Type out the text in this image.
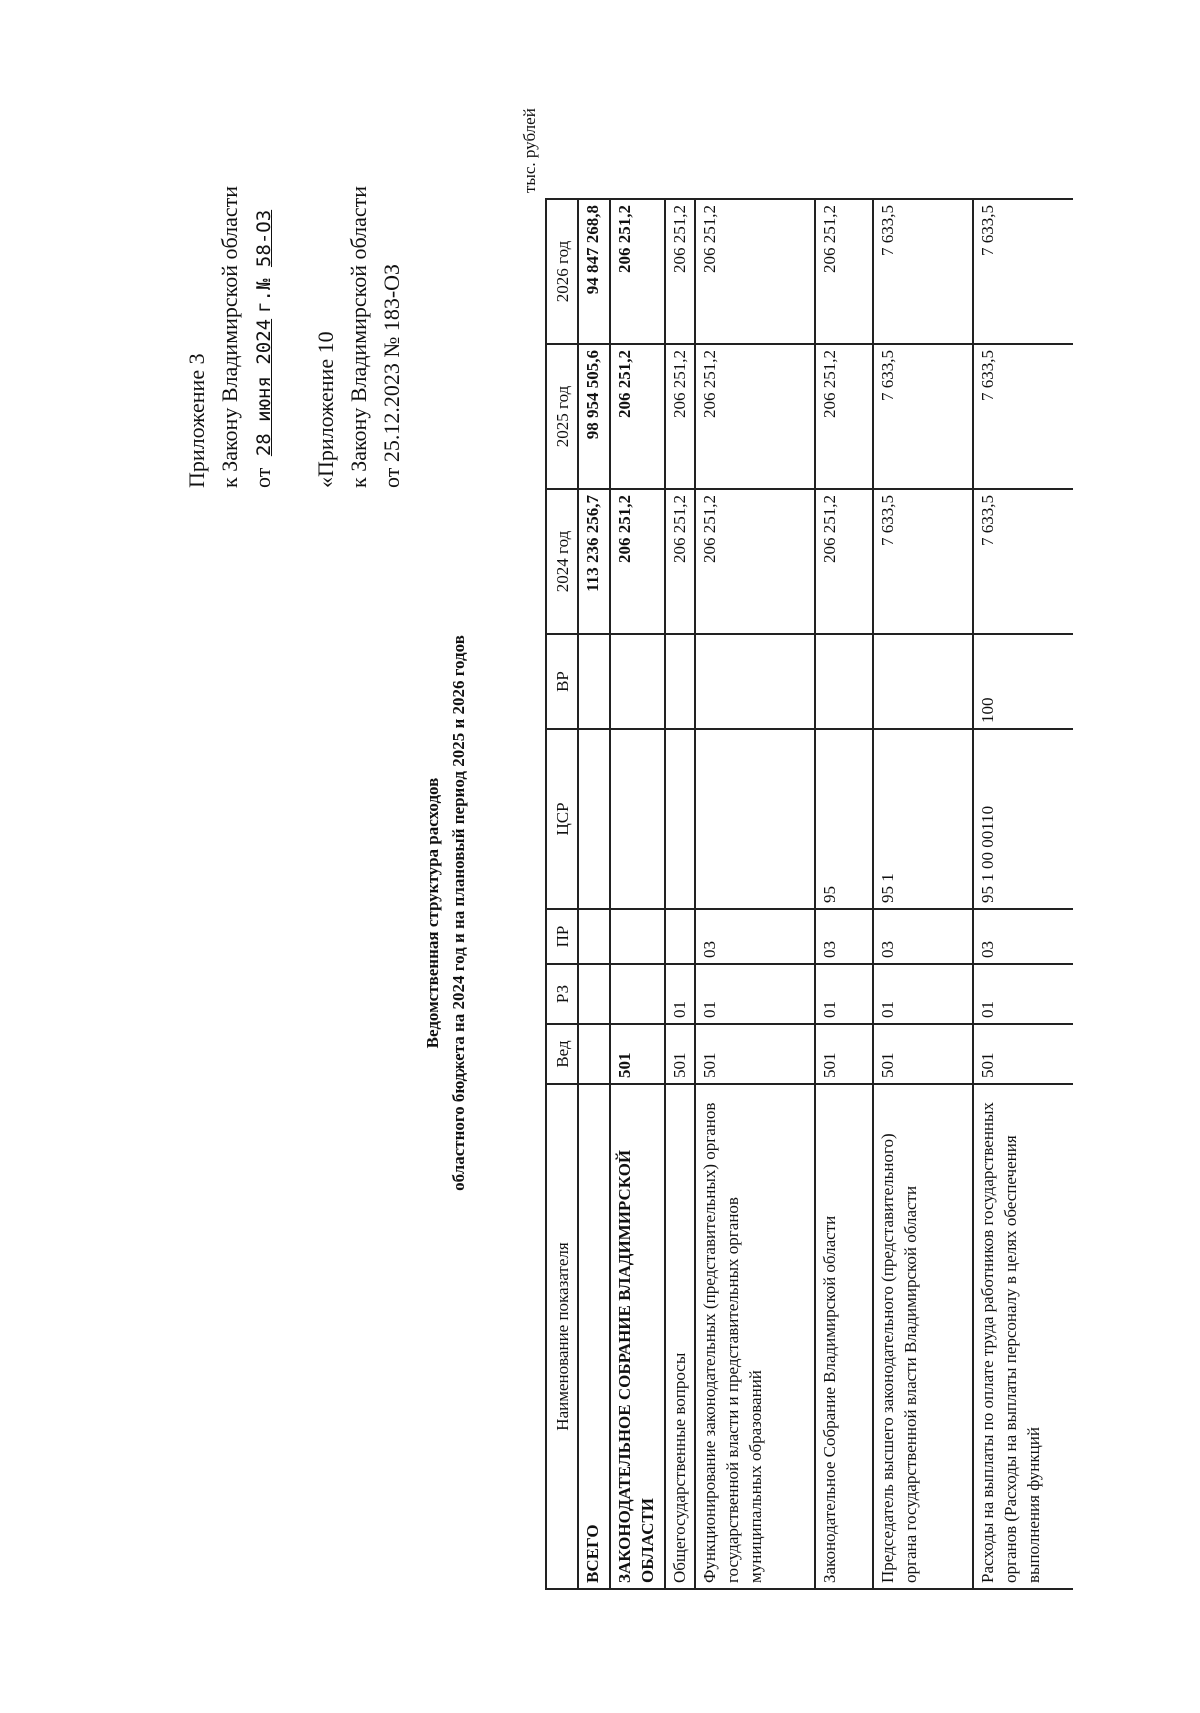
Приложение 3 к Закону Владимирской области от 28 июня 2024г.№ 58-ОЗ
«Приложение 10 к Закону Владимирской области от 25.12.2023 № 183-ОЗ
Ведомственная структура расходов областного бюджета на 2024 год и на плановый период 2025 и 2026 годов
тыс. рублей
Наименование показателя	Вед	РЗ	ПР	ЦСР	ВР	2024 год	2025 год	2026 год
ВСЕГО						113 236 256,7	98 954 505,6	94 847 268,8
ЗАКОНОДАТЕЛЬНОЕ СОБРАНИЕ ВЛАДИМИРСКОЙ ОБЛАСТИ	501					206 251,2	206 251,2	206 251,2
Общегосударственные вопросы	501	01				206 251,2	206 251,2	206 251,2
Функционирование законодательных (представительных) органов государственной власти и представительных органов муниципальных образований	501	01	03			206 251,2	206 251,2	206 251,2
Законодательное Собрание Владимирской области	501	01	03	95		206 251,2	206 251,2	206 251,2
Председатель высшего законодательного (представительного) органа государственной власти Владимирской области	501	01	03	95 1		7 633,5	7 633,5	7 633,5
Расходы на выплаты по оплате труда работников государственных органов (Расходы на выплаты персоналу в целях обеспечения выполнения функций	501	01	03	95 1 00 00110	100	7 633,5	7 633,5	7 633,5
